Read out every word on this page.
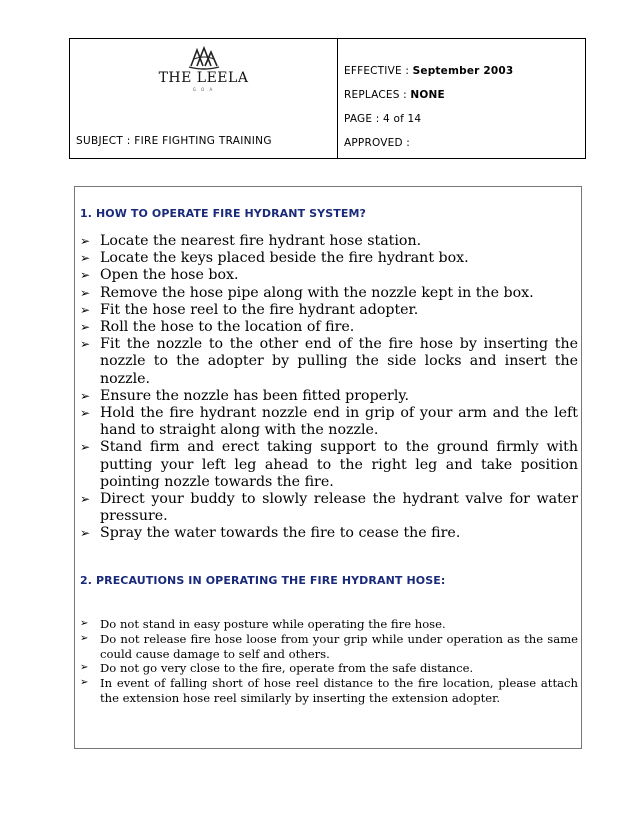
THE LEELA
G O A
SUBJECT : FIRE FIGHTING TRAINING
EFFECTIVE : September 2003
REPLACES : NONE
PAGE : 4 of 14
APPROVED :
1. HOW TO OPERATE FIRE HYDRANT SYSTEM?
➢ Locate the nearest fire hydrant hose station.
➢ Locate the keys placed beside the fire hydrant box.
➢ Open the hose box.
➢ Remove the hose pipe along with the nozzle kept in the box.
➢ Fit the hose reel to the fire hydrant adopter.
➢ Roll the hose to the location of fire.
➢ Fit the nozzle to the other end of the fire hose by inserting the nozzle to the adopter by pulling the side locks and insert the nozzle.
➢ Ensure the nozzle has been fitted properly.
➢ Hold the fire hydrant nozzle end in grip of your arm and the left hand to straight along with the nozzle.
➢ Stand firm and erect taking support to the ground firmly with putting your left leg ahead to the right leg and take position pointing nozzle towards the fire.
➢ Direct your buddy to slowly release the hydrant valve for water pressure.
➢ Spray the water towards the fire to cease the fire.
2. PRECAUTIONS IN OPERATING THE FIRE HYDRANT HOSE:
➢ Do not stand in easy posture while operating the fire hose.
➢ Do not release fire hose loose from your grip while under operation as the same could cause damage to self and others.
➢ Do not go very close to the fire, operate from the safe distance.
➢ In event of falling short of hose reel distance to the fire location, please attach the extension hose reel similarly by inserting the extension adopter.
